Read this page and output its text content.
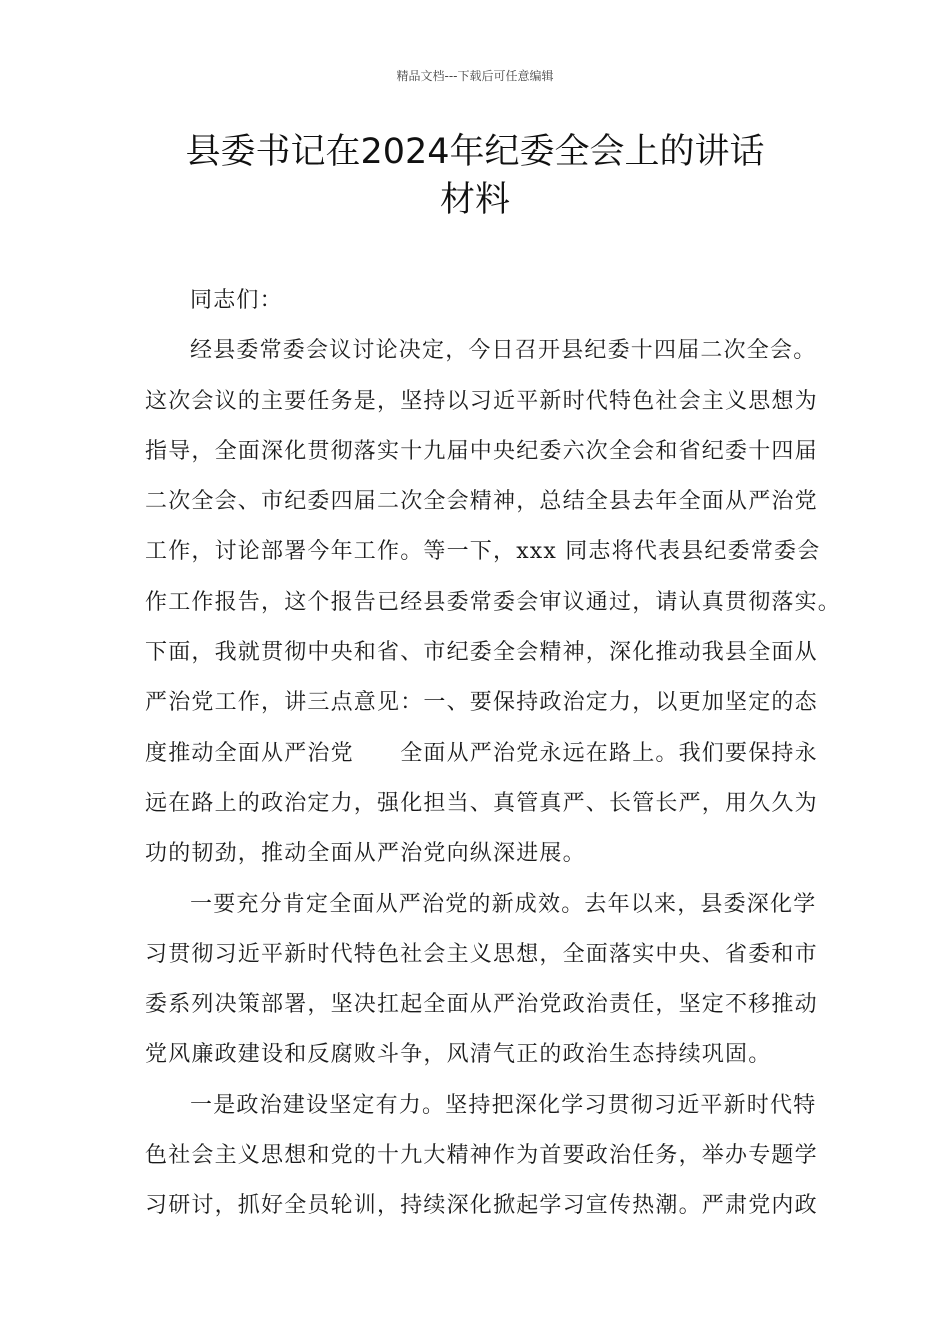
精品文档---下载后可任意编辑
县委书记在2024年纪委全会上的讲话
材料
同志们：
经县委常委会议讨论决定，今日召开县纪委十四届二次全会。
这次会议的主要任务是，坚持以习近平新时代特色社会主义思想为
指导，全面深化贯彻落实十九届中央纪委六次全会和省纪委十四届
二次全会、市纪委四届二次全会精神，总结全县去年全面从严治党
工作，讨论部署今年工作。等一下，xxx 同志将代表县纪委常委会
作工作报告，这个报告已经县委常委会审议通过，请认真贯彻落实。
下面，我就贯彻中央和省、市纪委全会精神，深化推动我县全面从
严治党工作，讲三点意见：一、要保持政治定力，以更加坚定的态
度推动全面从严治党　　全面从严治党永远在路上。我们要保持永
远在路上的政治定力，强化担当、真管真严、长管长严，用久久为
功的韧劲，推动全面从严治党向纵深进展。
一要充分肯定全面从严治党的新成效。去年以来，县委深化学
习贯彻习近平新时代特色社会主义思想，全面落实中央、省委和市
委系列决策部署，坚决扛起全面从严治党政治责任，坚定不移推动
党风廉政建设和反腐败斗争，风清气正的政治生态持续巩固。
一是政治建设坚定有力。坚持把深化学习贯彻习近平新时代特
色社会主义思想和党的十九大精神作为首要政治任务，举办专题学
习研讨，抓好全员轮训，持续深化掀起学习宣传热潮。严肃党内政
